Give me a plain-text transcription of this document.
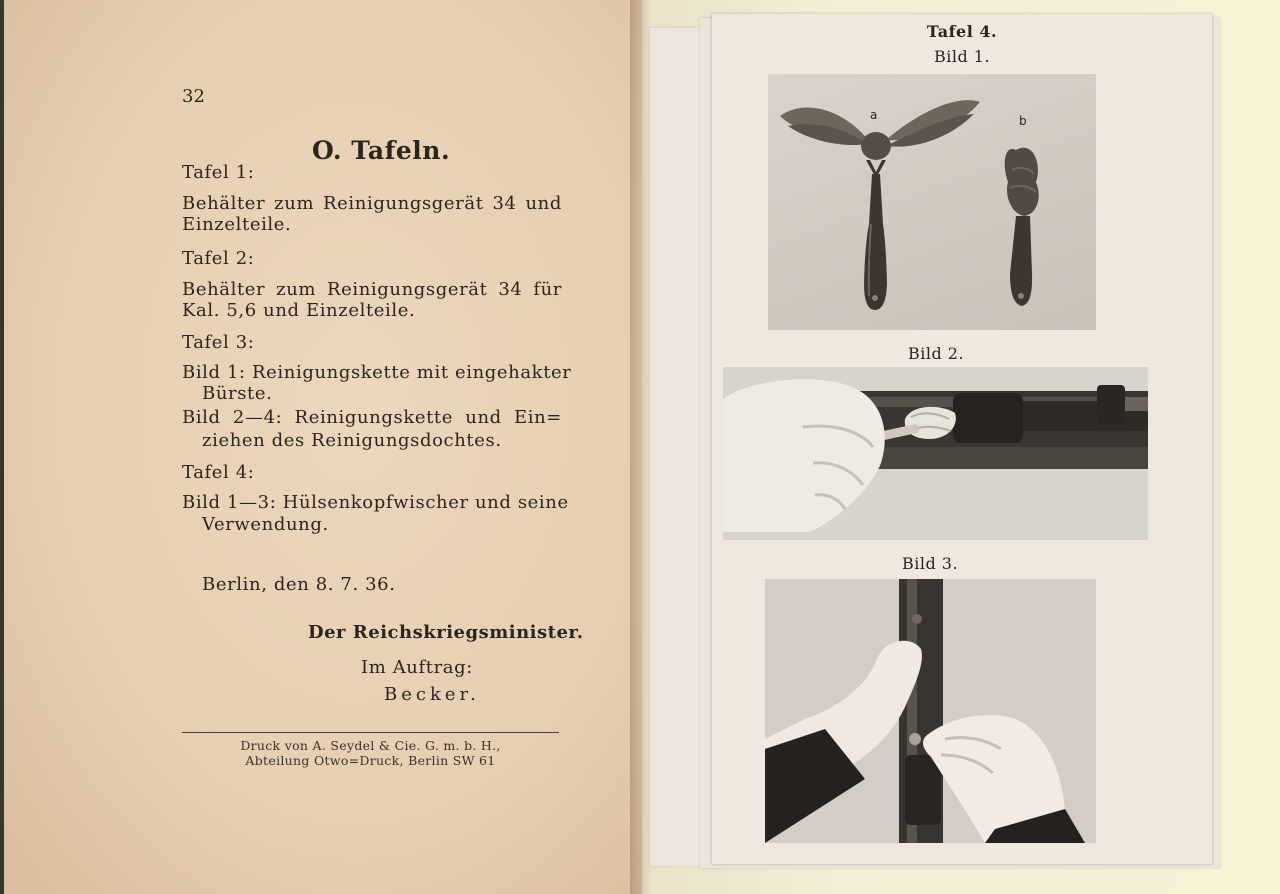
32
O. Tafeln.
Tafel 1:
Behälter zum Reinigungsgerät 34 und
Einzelteile.
Tafel 2:
Behälter zum Reinigungsgerät 34 für
Kal. 5,6 und Einzelteile.
Tafel 3:
Bild 1: Reinigungskette mit eingehakter
Bürste.
Bild 2—4: Reinigungskette und Ein=
ziehen des Reinigungsdochtes.
Tafel 4:
Bild 1—3: Hülsenkopfwischer und seine
Verwendung.
Berlin, den 8. 7. 36.
Der Reichskriegsminister.
Im Auftrag:
Becker.
Druck von A. Seydel & Cie. G. m. b. H.,
Abteilung Otwo=Druck, Berlin SW 61
Tafel 4.
Bild 1.
a	b
Bild 2.
Bild 3.
